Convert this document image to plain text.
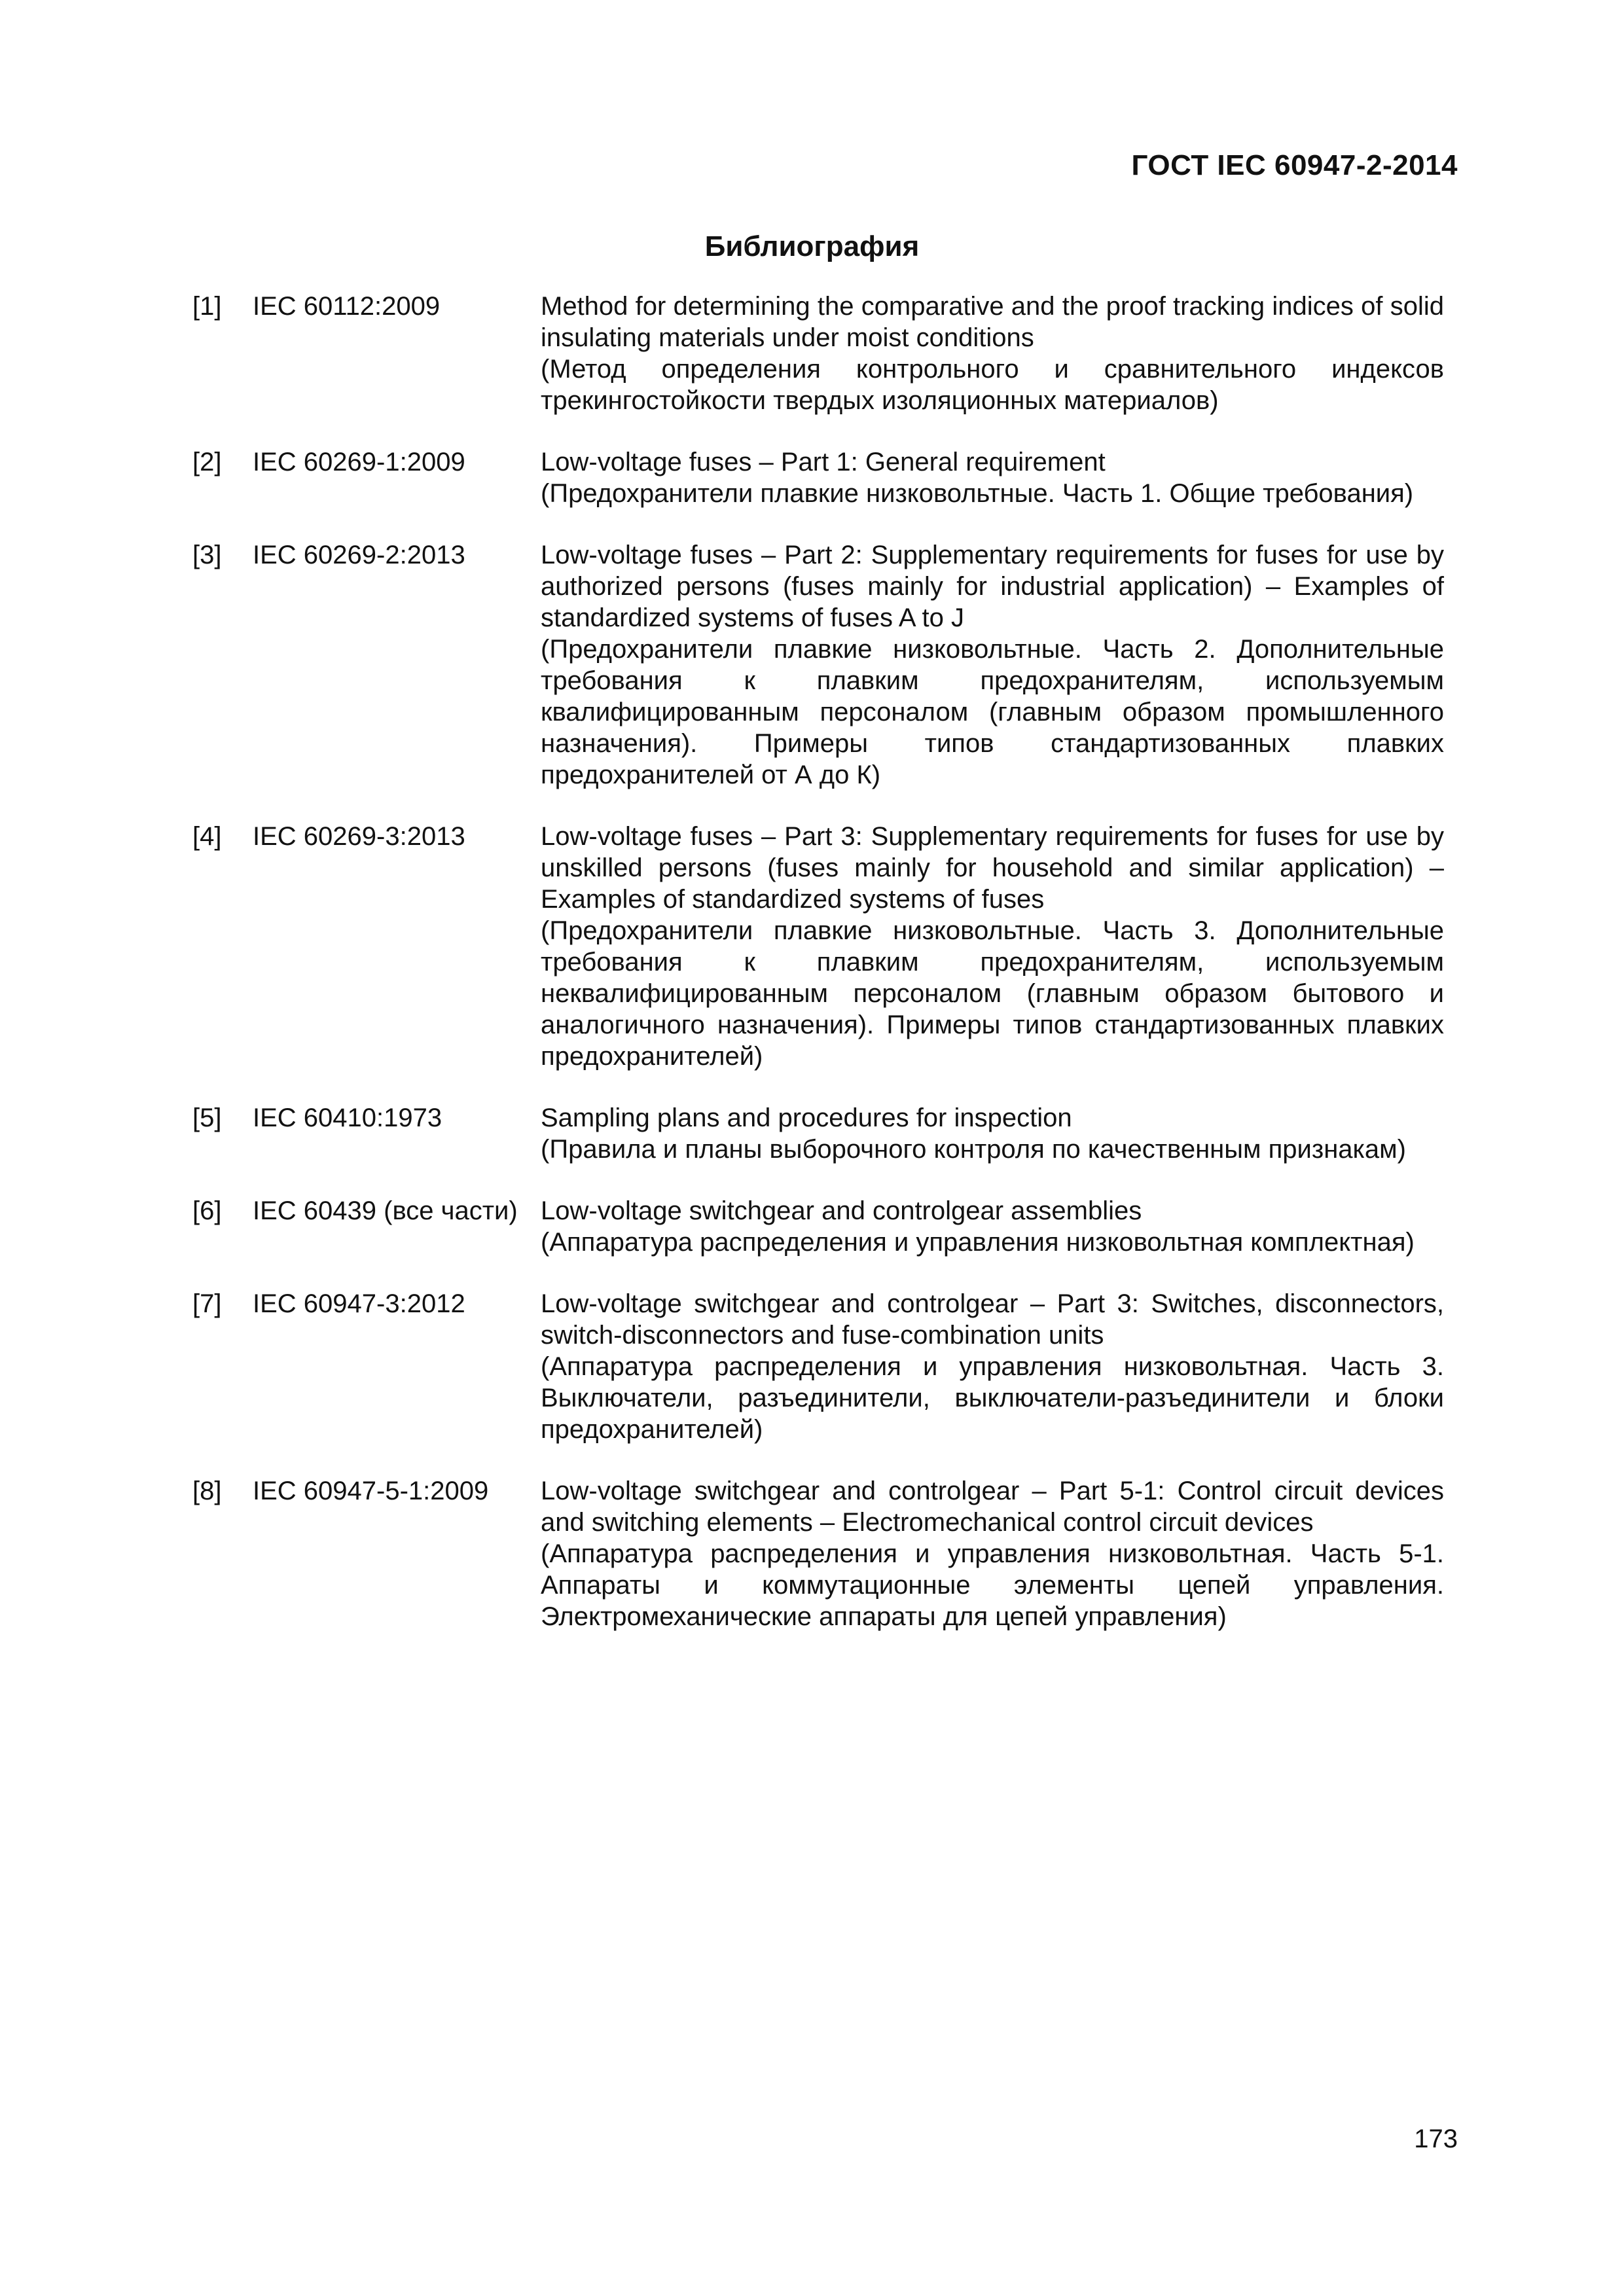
ГОСТ IEC 60947-2-2014
Библиография
[1] IEC 60112:2009	Method for determining the comparative and the proof tracking indices of solid insulating materials under moist conditions
(Метод определения контрольного и сравнительного индексов трекингостойкости твердых изоляционных материалов)
[2] IEC 60269-1:2009	Low-voltage fuses – Part 1: General requirement
(Предохранители плавкие низковольтные. Часть 1. Общие требования)
[3] IEC 60269-2:2013	Low-voltage fuses – Part 2: Supplementary requirements for fuses for use by authorized persons (fuses mainly for industrial application) – Examples of standardized systems of fuses A to J
(Предохранители плавкие низковольтные. Часть 2. Дополнительные требования к плавким предохранителям, используемым квалифицированным персоналом (главным образом промышленного назначения). Примеры типов стандартизованных плавких предохранителей от А до К)
[4] IEC 60269-3:2013	Low-voltage fuses – Part 3: Supplementary requirements for fuses for use by unskilled persons (fuses mainly for household and similar application) – Examples of standardized systems of fuses
(Предохранители плавкие низковольтные. Часть 3. Дополнительные требования к плавким предохранителям, используемым неквалифицированным персоналом (главным образом бытового и аналогичного назначения). Примеры типов стандартизованных плавких предохранителей)
[5] IEC 60410:1973	Sampling plans and procedures for inspection
(Правила и планы выборочного контроля по качественным признакам)
[6] IEC 60439 (все части) Low-voltage switchgear and controlgear assemblies
(Аппаратура распределения и управления низковольтная комплектная)
[7] IEC 60947-3:2012	Low-voltage switchgear and controlgear – Part 3: Switches, disconnectors, switch-disconnectors and fuse-combination units
(Аппаратура распределения и управления низковольтная. Часть 3. Выключатели, разъединители, выключатели-разъединители и блоки предохранителей)
[8] IEC 60947-5-1:2009 Low-voltage switchgear and controlgear – Part 5-1: Control circuit devices and switching elements – Electromechanical control circuit devices
(Аппаратура распределения и управления низковольтная. Часть 5-1. Аппараты и коммутационные элементы цепей управления. Электромеханические аппараты для цепей управления)
173
